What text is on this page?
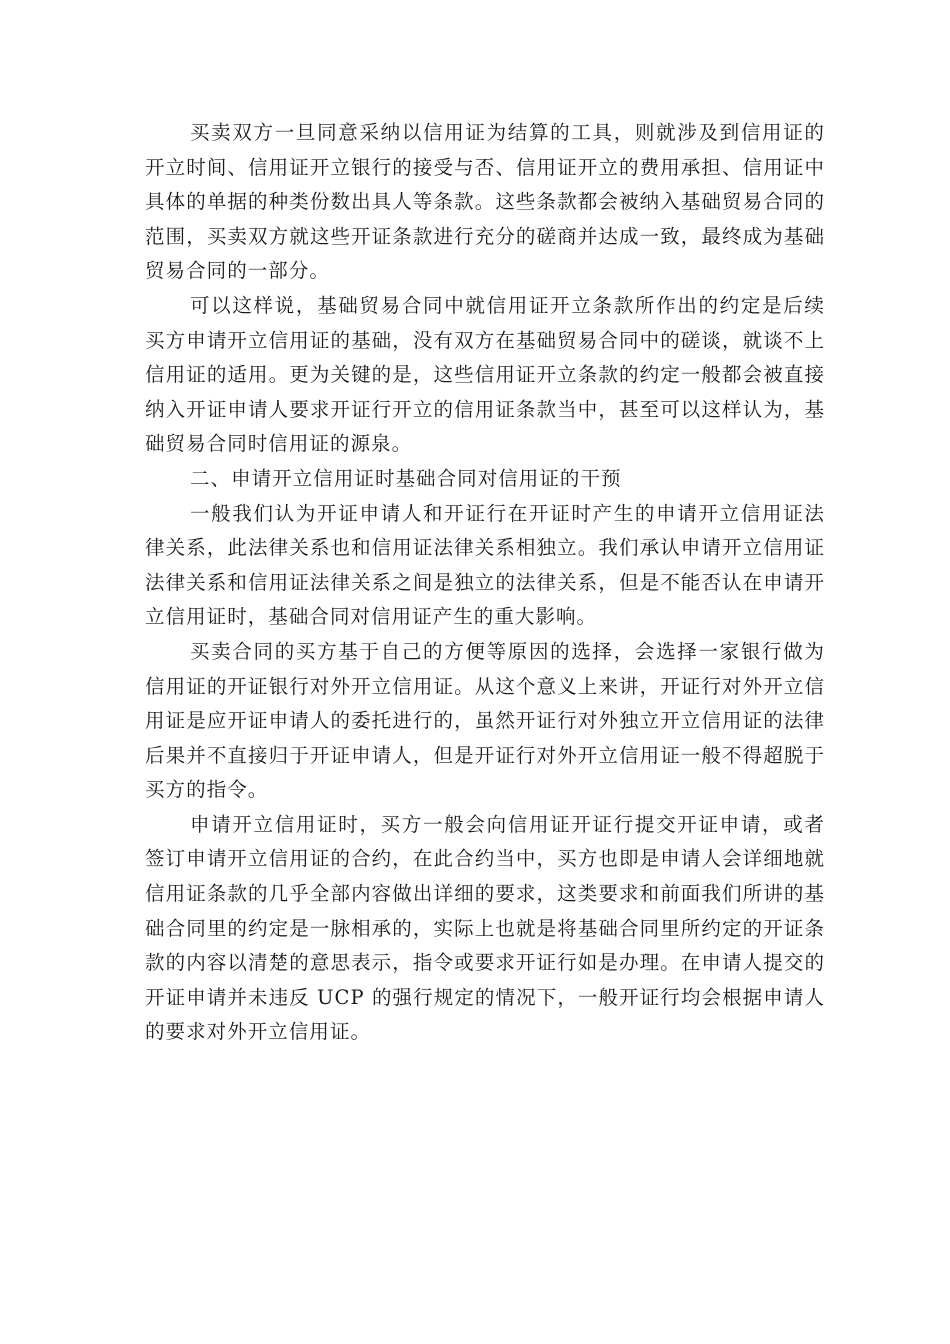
买卖双方一旦同意采纳以信用证为结算的工具，则就涉及到信用证的开立时间、信用证开立银行的接受与否、信用证开立的费用承担、信用证中具体的单据的种类份数出具人等条款。这些条款都会被纳入基础贸易合同的范围，买卖双方就这些开证条款进行充分的磋商并达成一致，最终成为基础贸易合同的一部分。

可以这样说，基础贸易合同中就信用证开立条款所作出的约定是后续买方申请开立信用证的基础，没有双方在基础贸易合同中的磋谈，就谈不上信用证的适用。更为关键的是，这些信用证开立条款的约定一般都会被直接纳入开证申请人要求开证行开立的信用证条款当中，甚至可以这样认为，基础贸易合同时信用证的源泉。

二、申请开立信用证时基础合同对信用证的干预

一般我们认为开证申请人和开证行在开证时产生的申请开立信用证法律关系，此法律关系也和信用证法律关系相独立。我们承认申请开立信用证法律关系和信用证法律关系之间是独立的法律关系，但是不能否认在申请开立信用证时，基础合同对信用证产生的重大影响。

买卖合同的买方基于自己的方便等原因的选择，会选择一家银行做为信用证的开证银行对外开立信用证。从这个意义上来讲，开证行对外开立信用证是应开证申请人的委托进行的，虽然开证行对外独立开立信用证的法律后果并不直接归于开证申请人，但是开证行对外开立信用证一般不得超脱于买方的指令。

申请开立信用证时，买方一般会向信用证开证行提交开证申请，或者签订申请开立信用证的合约，在此合约当中，买方也即是申请人会详细地就信用证条款的几乎全部内容做出详细的要求，这类要求和前面我们所讲的基础合同里的约定是一脉相承的，实际上也就是将基础合同里所约定的开证条款的内容以清楚的意思表示，指令或要求开证行如是办理。在申请人提交的开证申请并未违反 UCP 的强行规定的情况下，一般开证行均会根据申请人的要求对外开立信用证。
